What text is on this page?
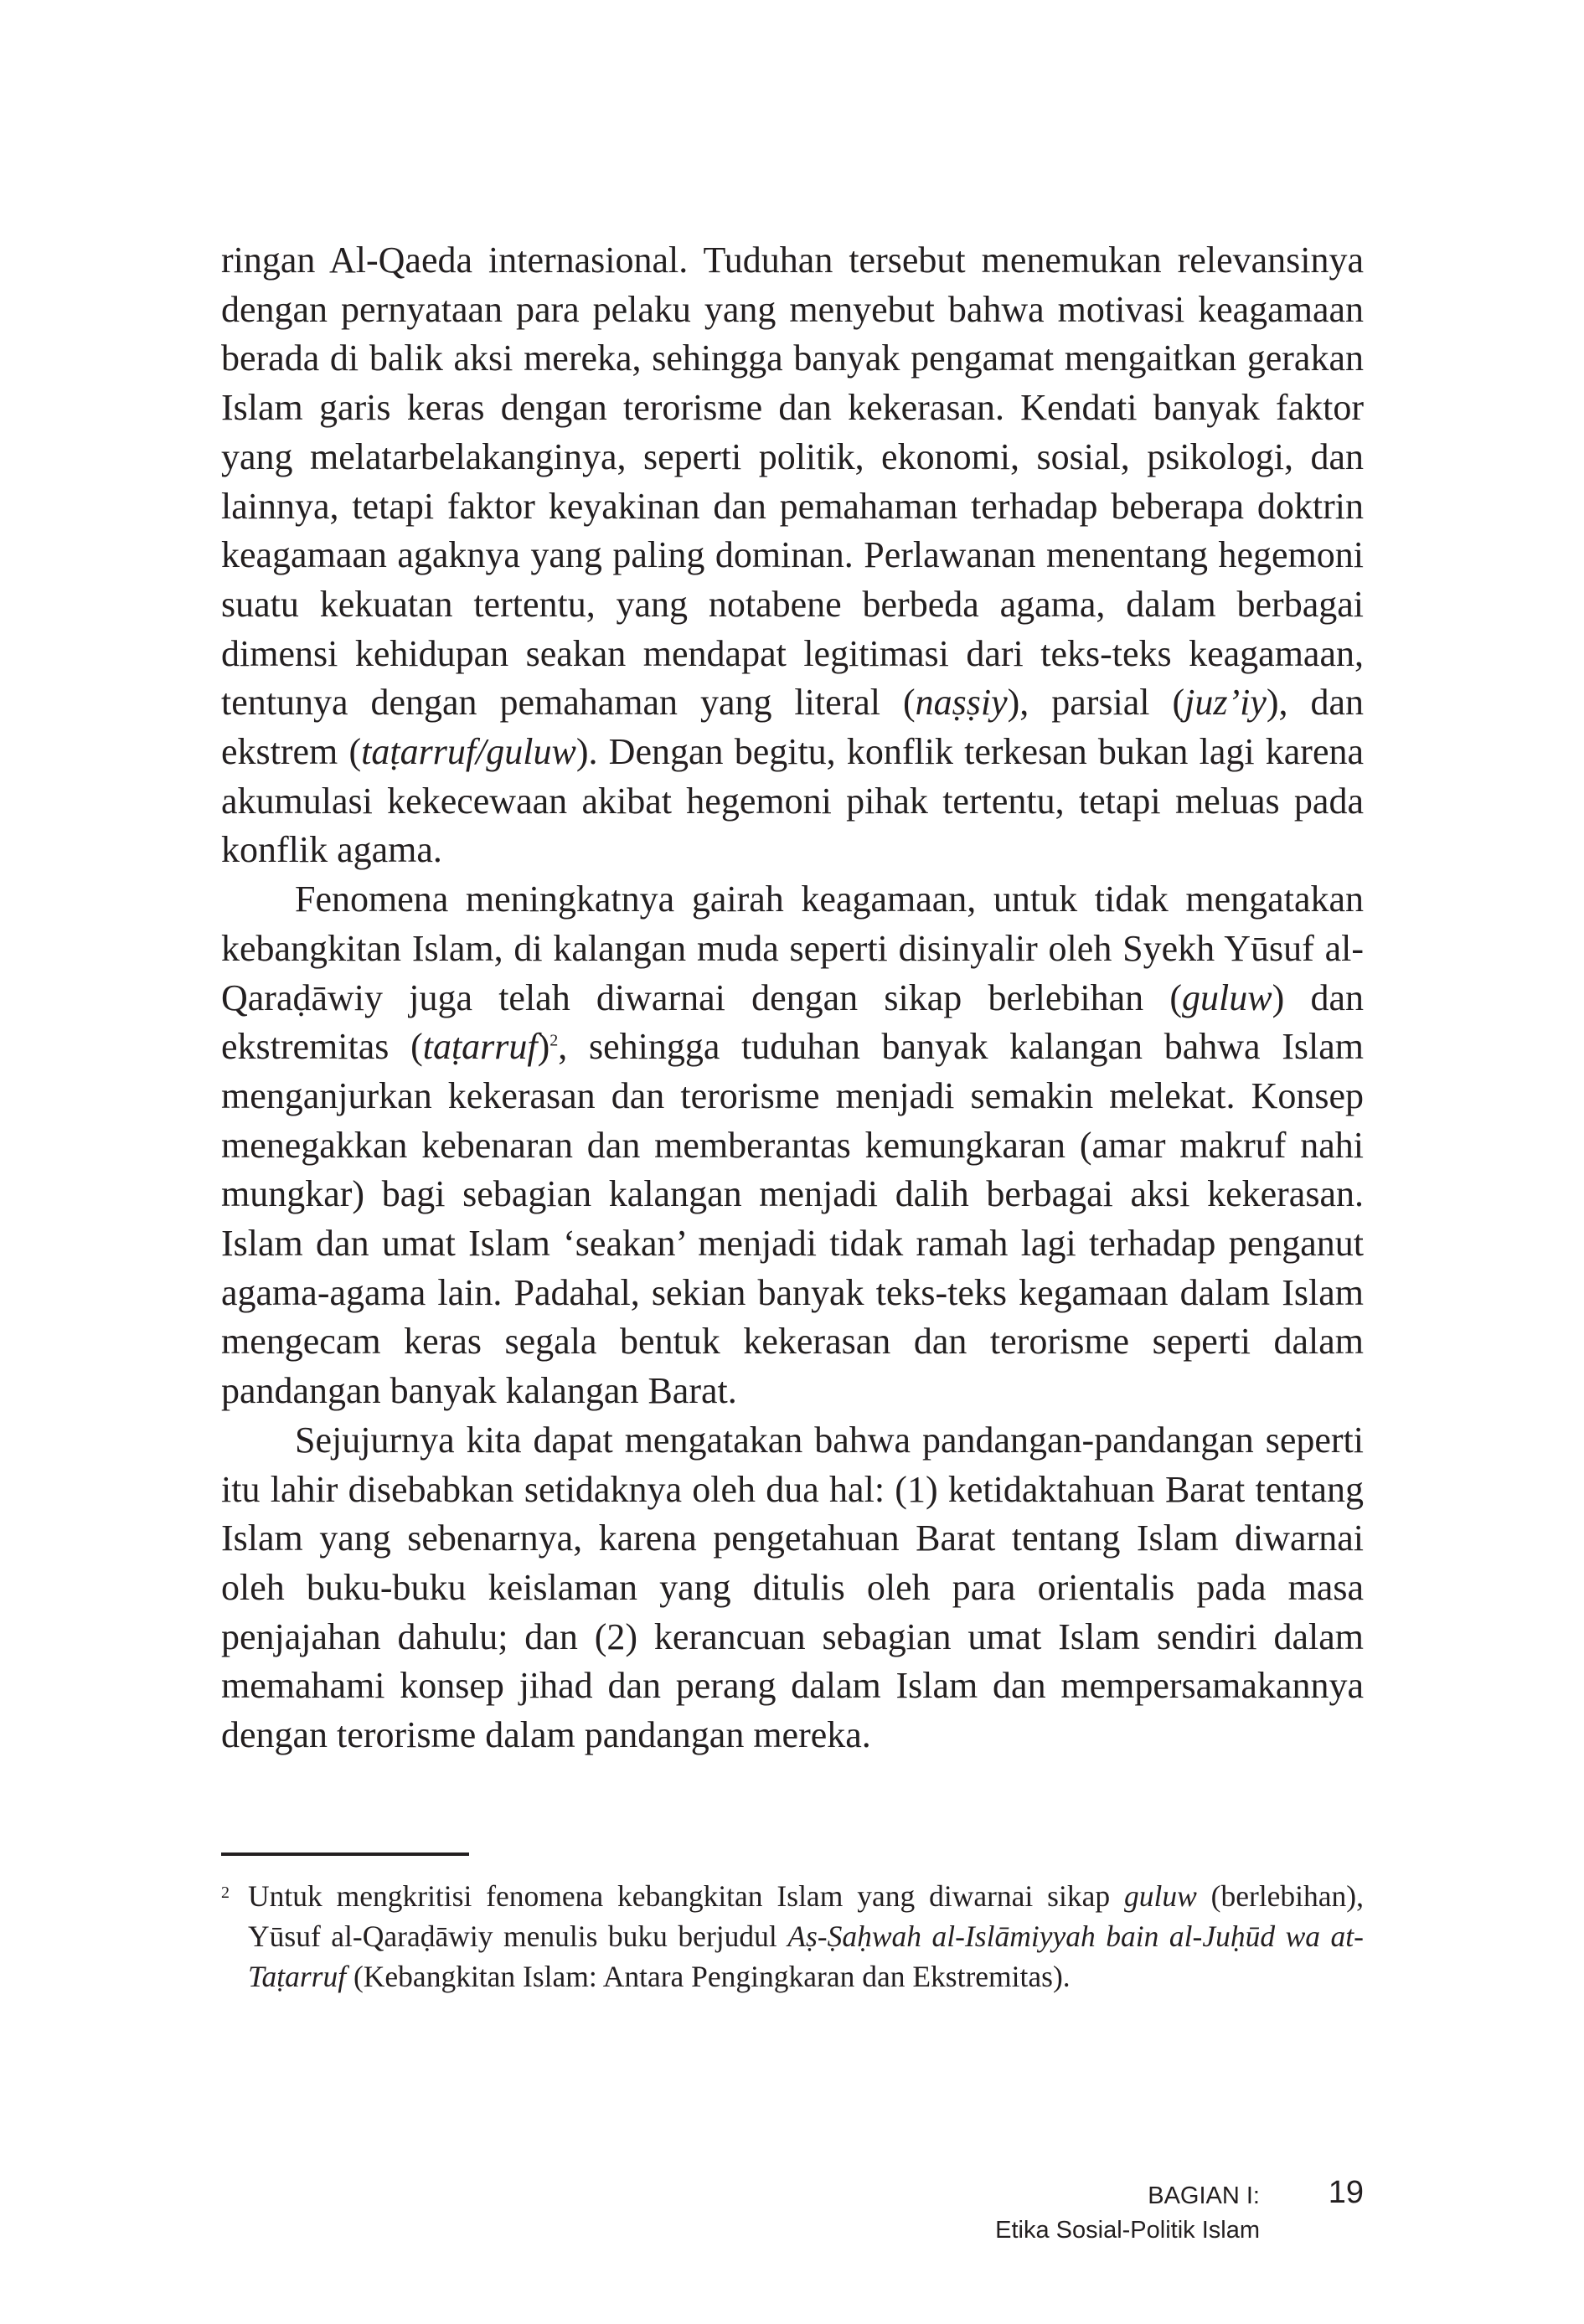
ringan Al-Qaeda internasional. Tuduhan tersebut menemukan relevansinya dengan pernyataan para pelaku yang menyebut bahwa motivasi keagamaan berada di balik aksi mereka, sehingga banyak pengamat mengaitkan gerakan Islam garis keras dengan terorisme dan kekerasan. Kendati banyak faktor yang melatarbelakanginya, seperti politik, ekonomi, sosial, psikologi, dan lainnya, tetapi faktor keyakinan dan pemahaman terhadap beberapa doktrin keagamaan agaknya yang paling dominan. Perlawanan menentang hegemoni suatu kekuatan tertentu, yang notabene berbeda agama, dalam berbagai dimensi kehidupan seakan mendapat legitimasi dari teks-teks keagamaan, tentunya dengan pemahaman yang literal (naṣṣiy), parsial (juz’iy), dan ekstrem (taṭarruf/guluw). Dengan begitu, konflik terkesan bukan lagi karena akumulasi kekecewaan akibat hegemoni pihak tertentu, tetapi meluas pada konflik agama.

Fenomena meningkatnya gairah keagamaan, untuk tidak mengatakan kebangkitan Islam, di kalangan muda seperti disinyalir oleh Syekh Yūsuf al-Qaraḍāwiy juga telah diwarnai dengan sikap berlebihan (guluw) dan ekstremitas (taṭarruf)$^2$, sehingga tuduhan banyak kalangan bahwa Islam menganjurkan kekerasan dan terorisme menjadi semakin melekat. Konsep menegakkan kebenaran dan memberantas kemungkaran (amar makruf nahi mungkar) bagi sebagian kalangan menjadi dalih berbagai aksi kekerasan. Islam dan umat Islam ‘seakan’ menjadi tidak ramah lagi terhadap penganut agama-agama lain. Padahal, sekian banyak teks-teks kegamaan dalam Islam mengecam keras segala bentuk kekerasan dan terorisme seperti dalam pandangan banyak kalangan Barat.

Sejujurnya kita dapat mengatakan bahwa pandangan-pandangan seperti itu lahir disebabkan setidaknya oleh dua hal: (1) ketidaktahuan Barat tentang Islam yang sebenarnya, karena pengetahuan Barat tentang Islam diwarnai oleh buku-buku keislaman yang ditulis oleh para orientalis pada masa penjajahan dahulu; dan (2) kerancuan sebagian umat Islam sendiri dalam memahami konsep jihad dan perang dalam Islam dan mempersamakannya dengan terorisme dalam pandangan mereka.

2 Untuk mengkritisi fenomena kebangkitan Islam yang diwarnai sikap guluw (berlebihan), Yūsuf al-Qaraḍāwiy menulis buku berjudul Aṣ-Ṣaḥwah al-Islāmiyyah bain al-Juḥūd wa at-Taṭarruf (Kebangkitan Islam: Antara Pengingkaran dan Ekstremitas).

BAGIAN I:
Etika Sosial-Politik Islam
19
